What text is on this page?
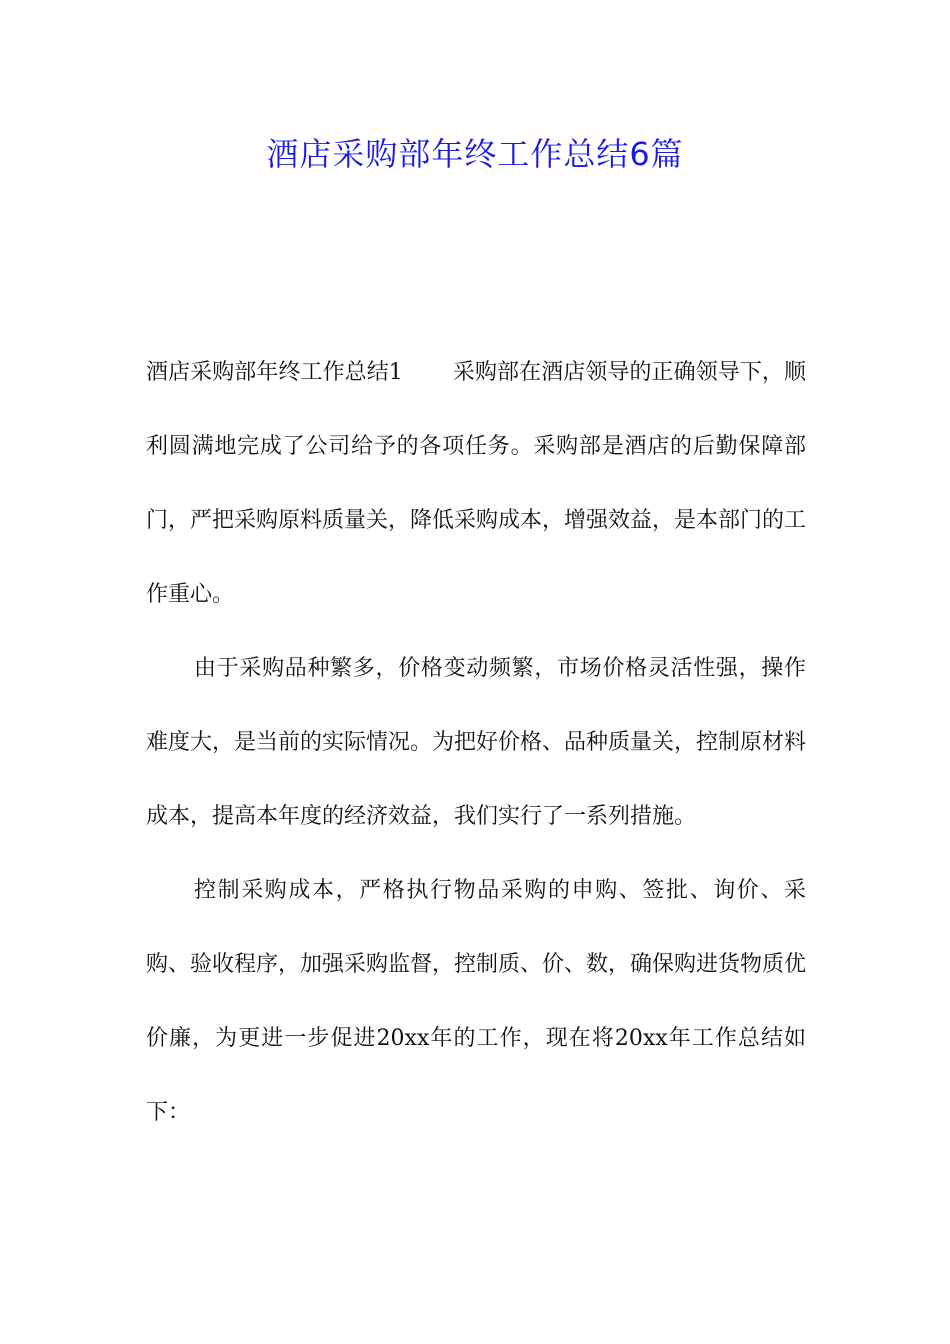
酒店采购部年终工作总结6篇

酒店采购部年终工作总结1 采购部在酒店领导的正确领导下，顺利圆满地完成了公司给予的各项任务。采购部是酒店的后勤保障部门，严把采购原料质量关，降低采购成本，增强效益，是本部门的工作重心。

由于采购品种繁多，价格变动频繁，市场价格灵活性强，操作难度大，是当前的实际情况。为把好价格、品种质量关，控制原材料成本，提高本年度的经济效益，我们实行了一系列措施。

控制采购成本，严格执行物品采购的申购、签批、询价、采购、验收程序，加强采购监督，控制质、价、数，确保购进货物质优价廉，为更进一步促进20xx年的工作，现在将20xx年工作总结如下：
